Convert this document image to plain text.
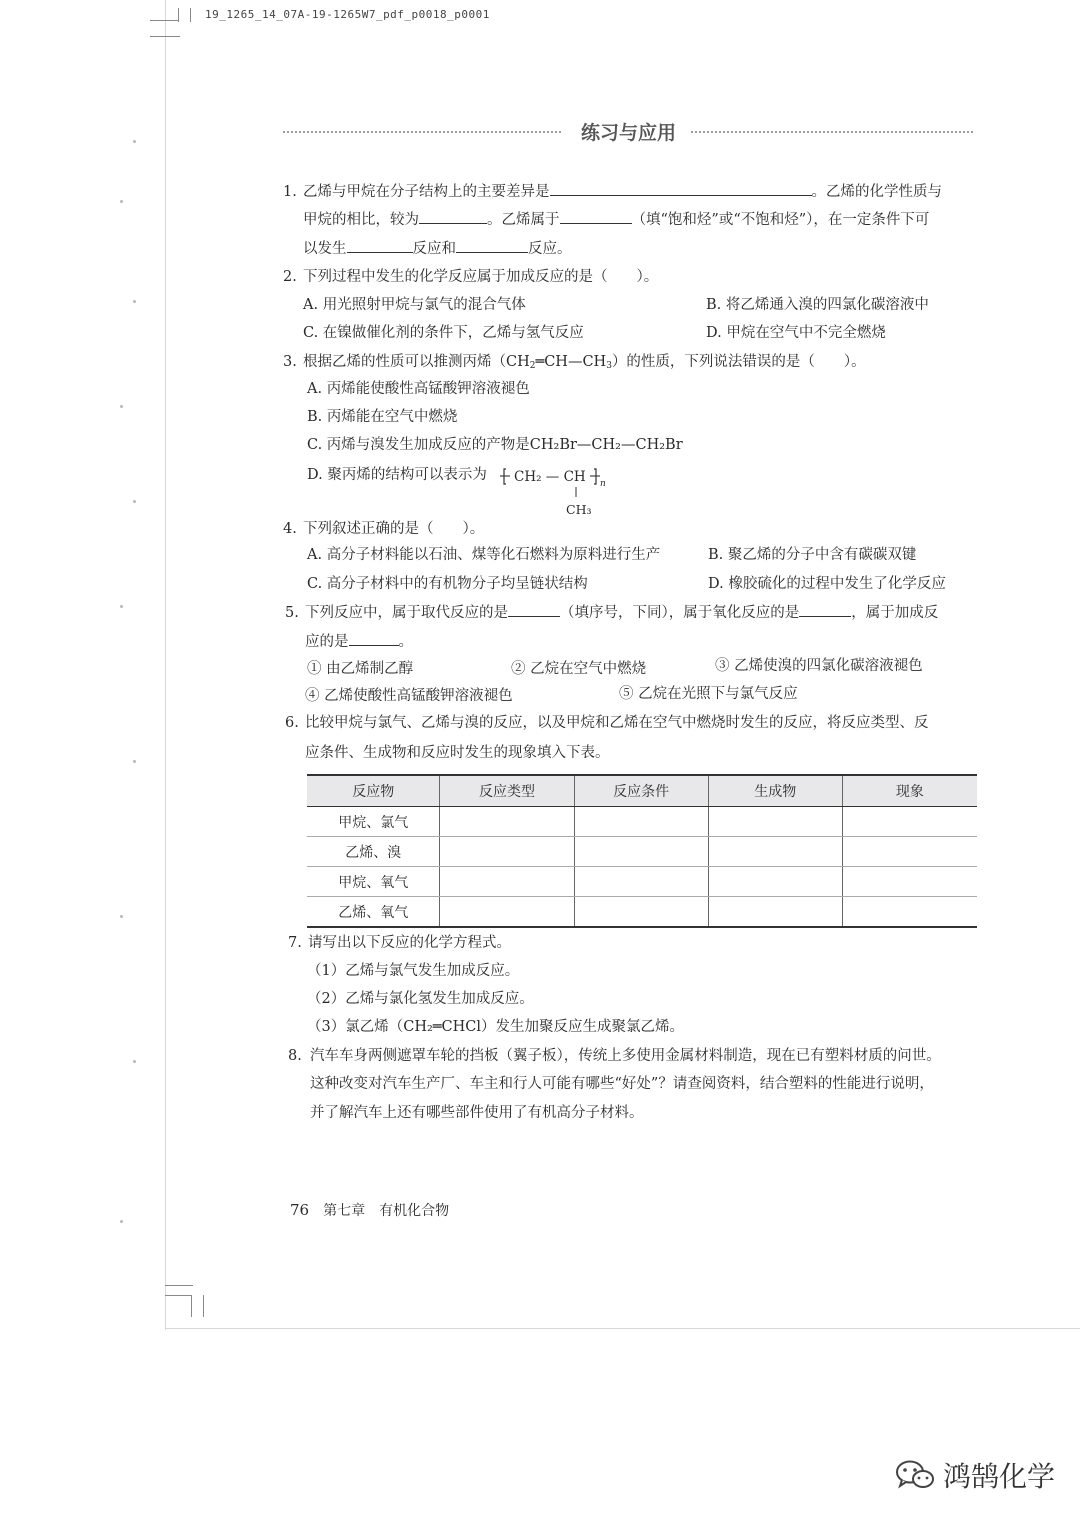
19_1265_14_07A-19-1265W7_pdf_p0018_p0001
练习与应用
1. 乙烯与甲烷在分子结构上的主要差异是	。乙烯的化学性质与
甲烷的相比，较为	。乙烯属于	（填“饱和烃”或“不饱和烃”），在一定条件下可
以发生	反应和	反应。
2. 下列过程中发生的化学反应属于加成反应的是（　　）。
A. 用光照射甲烷与氯气的混合气体	B. 将乙烯通入溴的四氯化碳溶液中
C. 在镍做催化剂的条件下，乙烯与氢气反应	D. 甲烷在空气中不完全燃烧
3. 根据乙烯的性质可以推测丙烯$(CH_2═CH—CH_3)$的性质，下列说法错误的是（　　）。
A. 丙烯能使酸性高锰酸钾溶液褪色
B. 丙烯能在空气中燃烧
C. 丙烯与溴发生加成反应的产物是CH₂Br—CH₂—CH₂Br
D. 聚丙烯的结构可以表示为 CH₂ — CH n
CH₃
4. 下列叙述正确的是（　　）。
A. 高分子材料能以石油、煤等化石燃料为原料进行生产	B. 聚乙烯的分子中含有碳碳双键
C. 高分子材料中的有机物分子均呈链状结构	D. 橡胶硫化的过程中发生了化学反应
5. 下列反应中，属于取代反应的是	（填序号，下同），属于氧化反应的是	，属于加成反
应的是	。
① 由乙烯制乙醇	② 乙烷在空气中燃烧	③ 乙烯使溴的四氯化碳溶液褪色
④ 乙烯使酸性高锰酸钾溶液褪色	⑤ 乙烷在光照下与氯气反应
6. 比较甲烷与氯气、乙烯与溴的反应，以及甲烷和乙烯在空气中燃烧时发生的反应，将反应类型、反
应条件、生成物和反应时发生的现象填入下表。
反应物	反应类型	反应条件	生成物	现象
甲烷、氯气				
乙烯、溴				
甲烷、氧气				
乙烯、氧气				
7. 请写出以下反应的化学方程式。
（1）乙烯与氯气发生加成反应。
（2）乙烯与氯化氢发生加成反应。
（3）氯乙烯（CH₂═CHCl）发生加聚反应生成聚氯乙烯。
8. 汽车车身两侧遮罩车轮的挡板（翼子板），传统上多使用金属材料制造，现在已有塑料材质的问世。
这种改变对汽车生产厂、车主和行人可能有哪些“好处”？请查阅资料，结合塑料的性能进行说明，
并了解汽车上还有哪些部件使用了有机高分子材料。
76 第七章　有机化合物
鸿鹄化学
